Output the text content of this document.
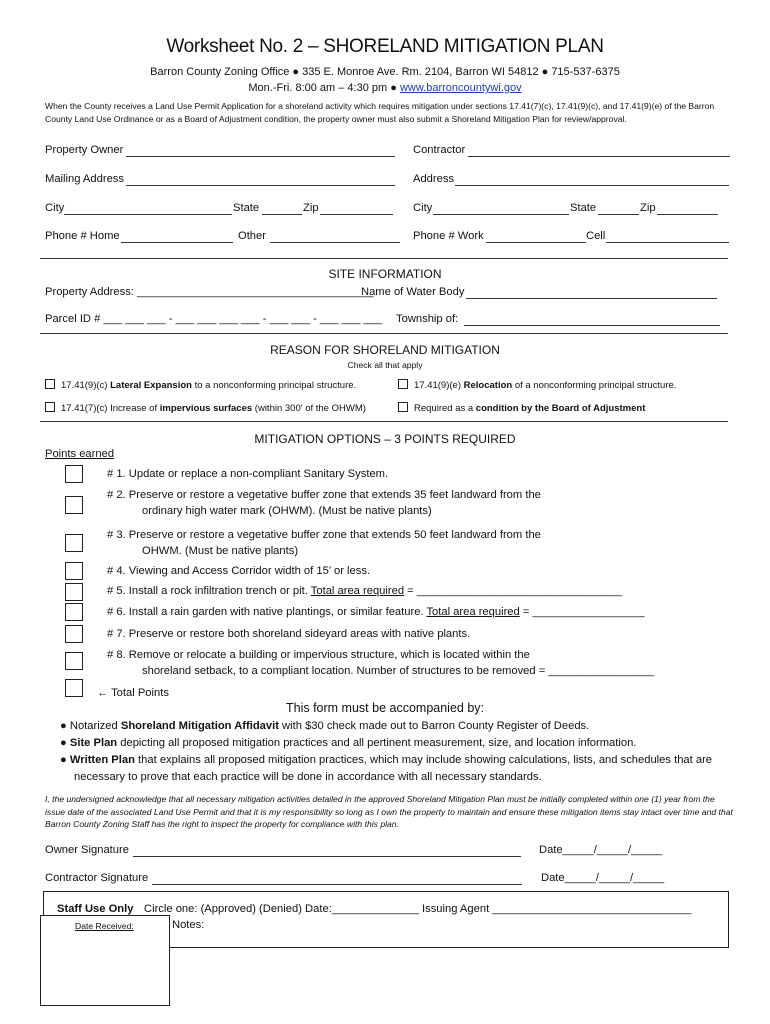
Worksheet No. 2 – SHORELAND MITIGATION PLAN
Barron County Zoning Office ● 335 E. Monroe Ave. Rm. 2104, Barron WI 54812 ● 715-537-6375
Mon.-Fri. 8:00 am – 4:30 pm ● www.barroncountywi.gov
When the County receives a Land Use Permit Application for a shoreland activity which requires mitigation under sections 17.41(7)(c), 17.41(9)(c), and 17.41(9)(e) of the Barron County Land Use Ordinance or as a Board of Adjustment condition, the property owner must also submit a Shoreland Mitigation Plan for review/approval.
Property Owner	Contractor
Mailing Address	Address
City	State	Zip	City	State	Zip
Phone # Home	Other	Phone # Work	Cell
SITE INFORMATION
Property Address: ______________________________________
Name of Water Body
Parcel ID # ___ ___ ___ - ___ ___ ___ ___ - ___ ___ - ___ ___ ___ Township of:
REASON FOR SHORELAND MITIGATION
Check all that apply
17.41(9)(c) Lateral Expansion to a nonconforming principal structure.	17.41(9)(e) Relocation of a nonconforming principal structure.
17.41(7)(c) Increase of impervious surfaces (within 300' of the OHWM)	Required as a condition by the Board of Adjustment
MITIGATION OPTIONS – 3 POINTS REQUIRED
Points earned
# 1. Update or replace a non-compliant Sanitary System.
# 2. Preserve or restore a vegetative buffer zone that extends 35 feet landward from the
ordinary high water mark (OHWM). (Must be native plants)
# 3. Preserve or restore a vegetative buffer zone that extends 50 feet landward from the
OHWM. (Must be native plants)
# 4. Viewing and Access Corridor width of 15’ or less.
# 5. Install a rock infiltration trench or pit. Total area required = _________________________________
# 6. Install a rain garden with native plantings, or similar feature. Total area required = __________________
# 7. Preserve or restore both shoreland sideyard areas with native plants.
# 8. Remove or relocate a building or impervious structure, which is located within the
shoreland setback, to a compliant location. Number of structures to be removed = _________________
← Total Points
This form must be accompanied by:
● Notarized Shoreland Mitigation Affidavit with $30 check made out to Barron County Register of Deeds.
● Site Plan depicting all proposed mitigation practices and all pertinent measurement, size, and location information.
● Written Plan that explains all proposed mitigation practices, which may include showing calculations, lists, and schedules that are necessary to prove that each practice will be done in accordance with all necessary standards.
I, the undersigned acknowledge that all necessary mitigation activities detailed in the approved Shoreland Mitigation Plan must be initially completed within one (1) year from the issue date of the associated Land Use Permit and that it is my responsibility so long as I own the property to maintain and ensure these mitigation items stay intact over time and that Barron County Zoning Staff has the right to inspect the property for compliance with this plan.
Owner Signature	Date_____/_____/_____
Contractor Signature	Date_____/_____/_____
Staff Use Only Circle one: (Approved) (Denied) Date:______________ Issuing Agent ________________________________
Notes:
Date Received:
